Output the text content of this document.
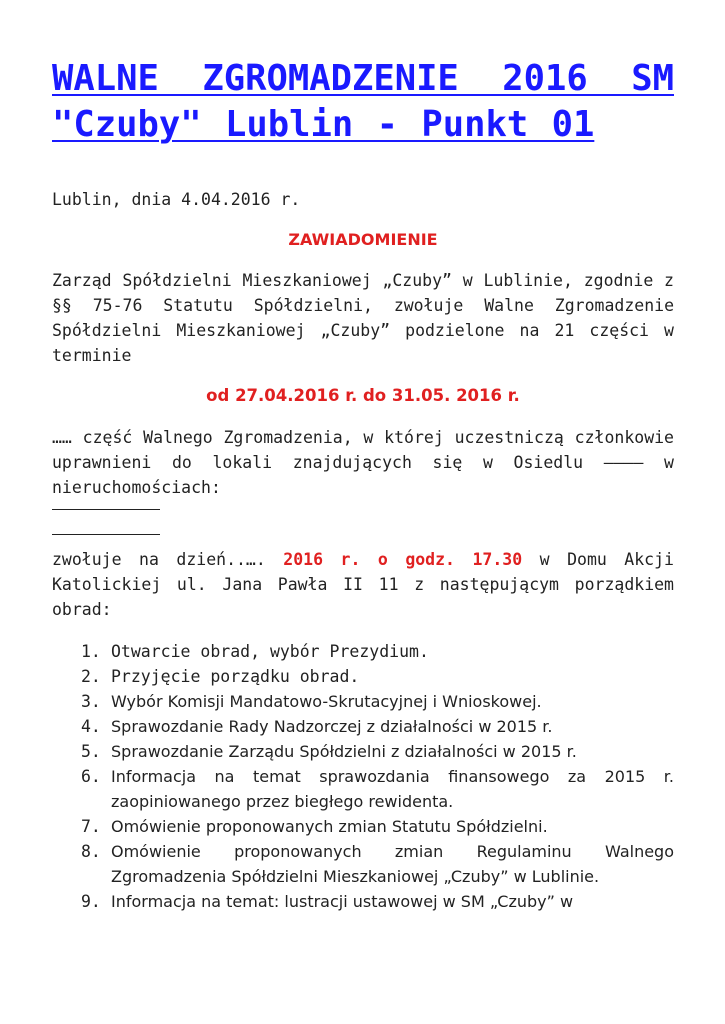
WALNE ZGROMADZENIE 2016 SM "Czuby" Lublin - Punkt 01
Lublin, dnia 4.04.2016 r.
ZAWIADOMIENIE
Zarząd Spółdzielni Mieszkaniowej „Czuby” w Lublinie, zgodnie z §§ 75-76 Statutu Spółdzielni, zwołuje Walne Zgromadzenie Spółdzielni Mieszkaniowej „Czuby” podzielone na 21 części w terminie
od 27.04.2016 r. do 31.05. 2016 r.
…… część Walnego Zgromadzenia, w której uczestniczą członkowie uprawnieni do lokali znajdujących się w Osiedlu ———— w nieruchomościach:
zwołuje na dzień..…. 2016 r. o godz. 17.30 w Domu Akcji Katolickiej ul. Jana Pawła II 11 z następującym porządkiem obrad:
1. Otwarcie obrad, wybór Prezydium.
2. Przyjęcie porządku obrad.
3. Wybór Komisji Mandatowo-Skrutacyjnej i Wnioskowej.
4. Sprawozdanie Rady Nadzorczej z działalności w 2015 r.
5. Sprawozdanie Zarządu Spółdzielni z działalności w 2015 r.
6. Informacja na temat sprawozdania finansowego za 2015 r. zaopiniowanego przez biegłego rewidenta.
7. Omówienie proponowanych zmian Statutu Spółdzielni.
8. Omówienie proponowanych zmian Regulaminu Walnego Zgromadzenia Spółdzielni Mieszkaniowej „Czuby” w Lublinie.
9. Informacja na temat: lustracji ustawowej w SM „Czuby” w
